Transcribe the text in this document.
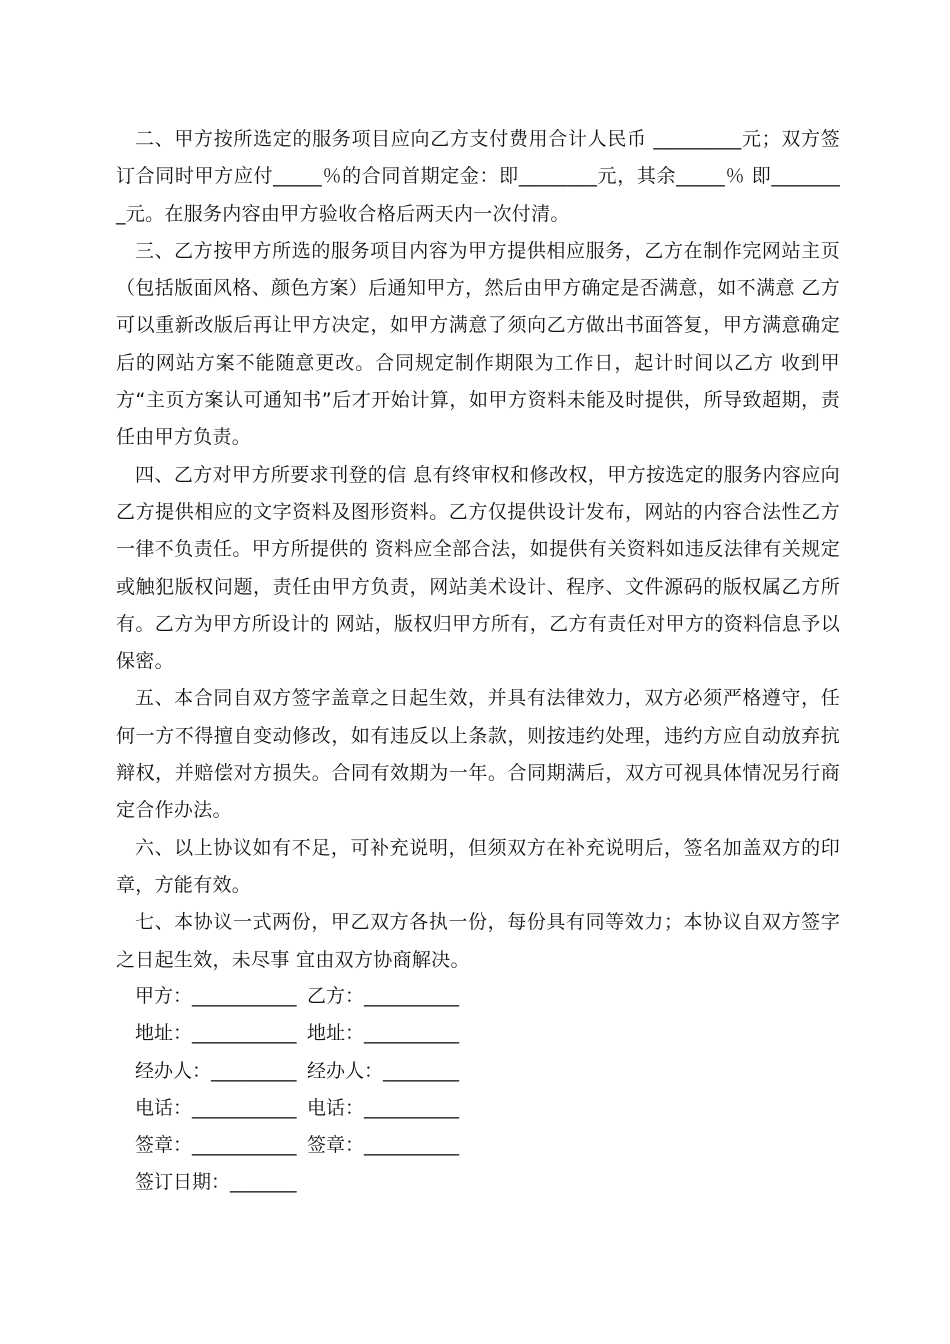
二、甲方按所选定的服务项目应向乙方支付费用合计人民币 _________元；双方签订合同时甲方应付_____％的合同首期定金：即________元，其余_____％ 即________元。在服务内容由甲方验收合格后两天内一次付清。

三、乙方按甲方所选的服务项目内容为甲方提供相应服务，乙方在制作完网站主页（包括版面风格、颜色方案）后通知甲方，然后由甲方确定是否满意，如不满意 乙方可以重新改版后再让甲方决定，如甲方满意了须向乙方做出书面答复，甲方满意确定后的网站方案不能随意更改。合同规定制作期限为工作日，起计时间以乙方 收到甲方“主页方案认可通知书”后才开始计算，如甲方资料未能及时提供，所导致超期，责任由甲方负责。

四、乙方对甲方所要求刊登的信 息有终审权和修改权，甲方按选定的服务内容应向乙方提供相应的文字资料及图形资料。乙方仅提供设计发布，网站的内容合法性乙方一律不负责任。甲方所提供的 资料应全部合法，如提供有关资料如违反法律有关规定或触犯版权问题，责任由甲方负责，网站美术设计、程序、文件源码的版权属乙方所有。乙方为甲方所设计的 网站，版权归甲方所有，乙方有责任对甲方的资料信息予以保密。

五、本合同自双方签字盖章之日起生效，并具有法律效力，双方必须严格遵守，任何一方不得擅自变动修改，如有违反以上条款，则按违约处理，违约方应自动放弃抗辩权，并赔偿对方损失。合同有效期为一年。合同期满后，双方可视具体情况另行商定合作办法。

六、以上协议如有不足，可补充说明，但须双方在补充说明后，签名加盖双方的印章，方能有效。

七、本协议一式两份，甲乙双方各执一份，每份具有同等效力；本协议自双方签字之日起生效，未尽事 宜由双方协商解决。

甲方：___________

乙方：__________

地址：___________

地址：__________

经办人：_________

经办人：________

电话：___________

电话：__________

签章：___________

签章：__________

签订日期：_______
